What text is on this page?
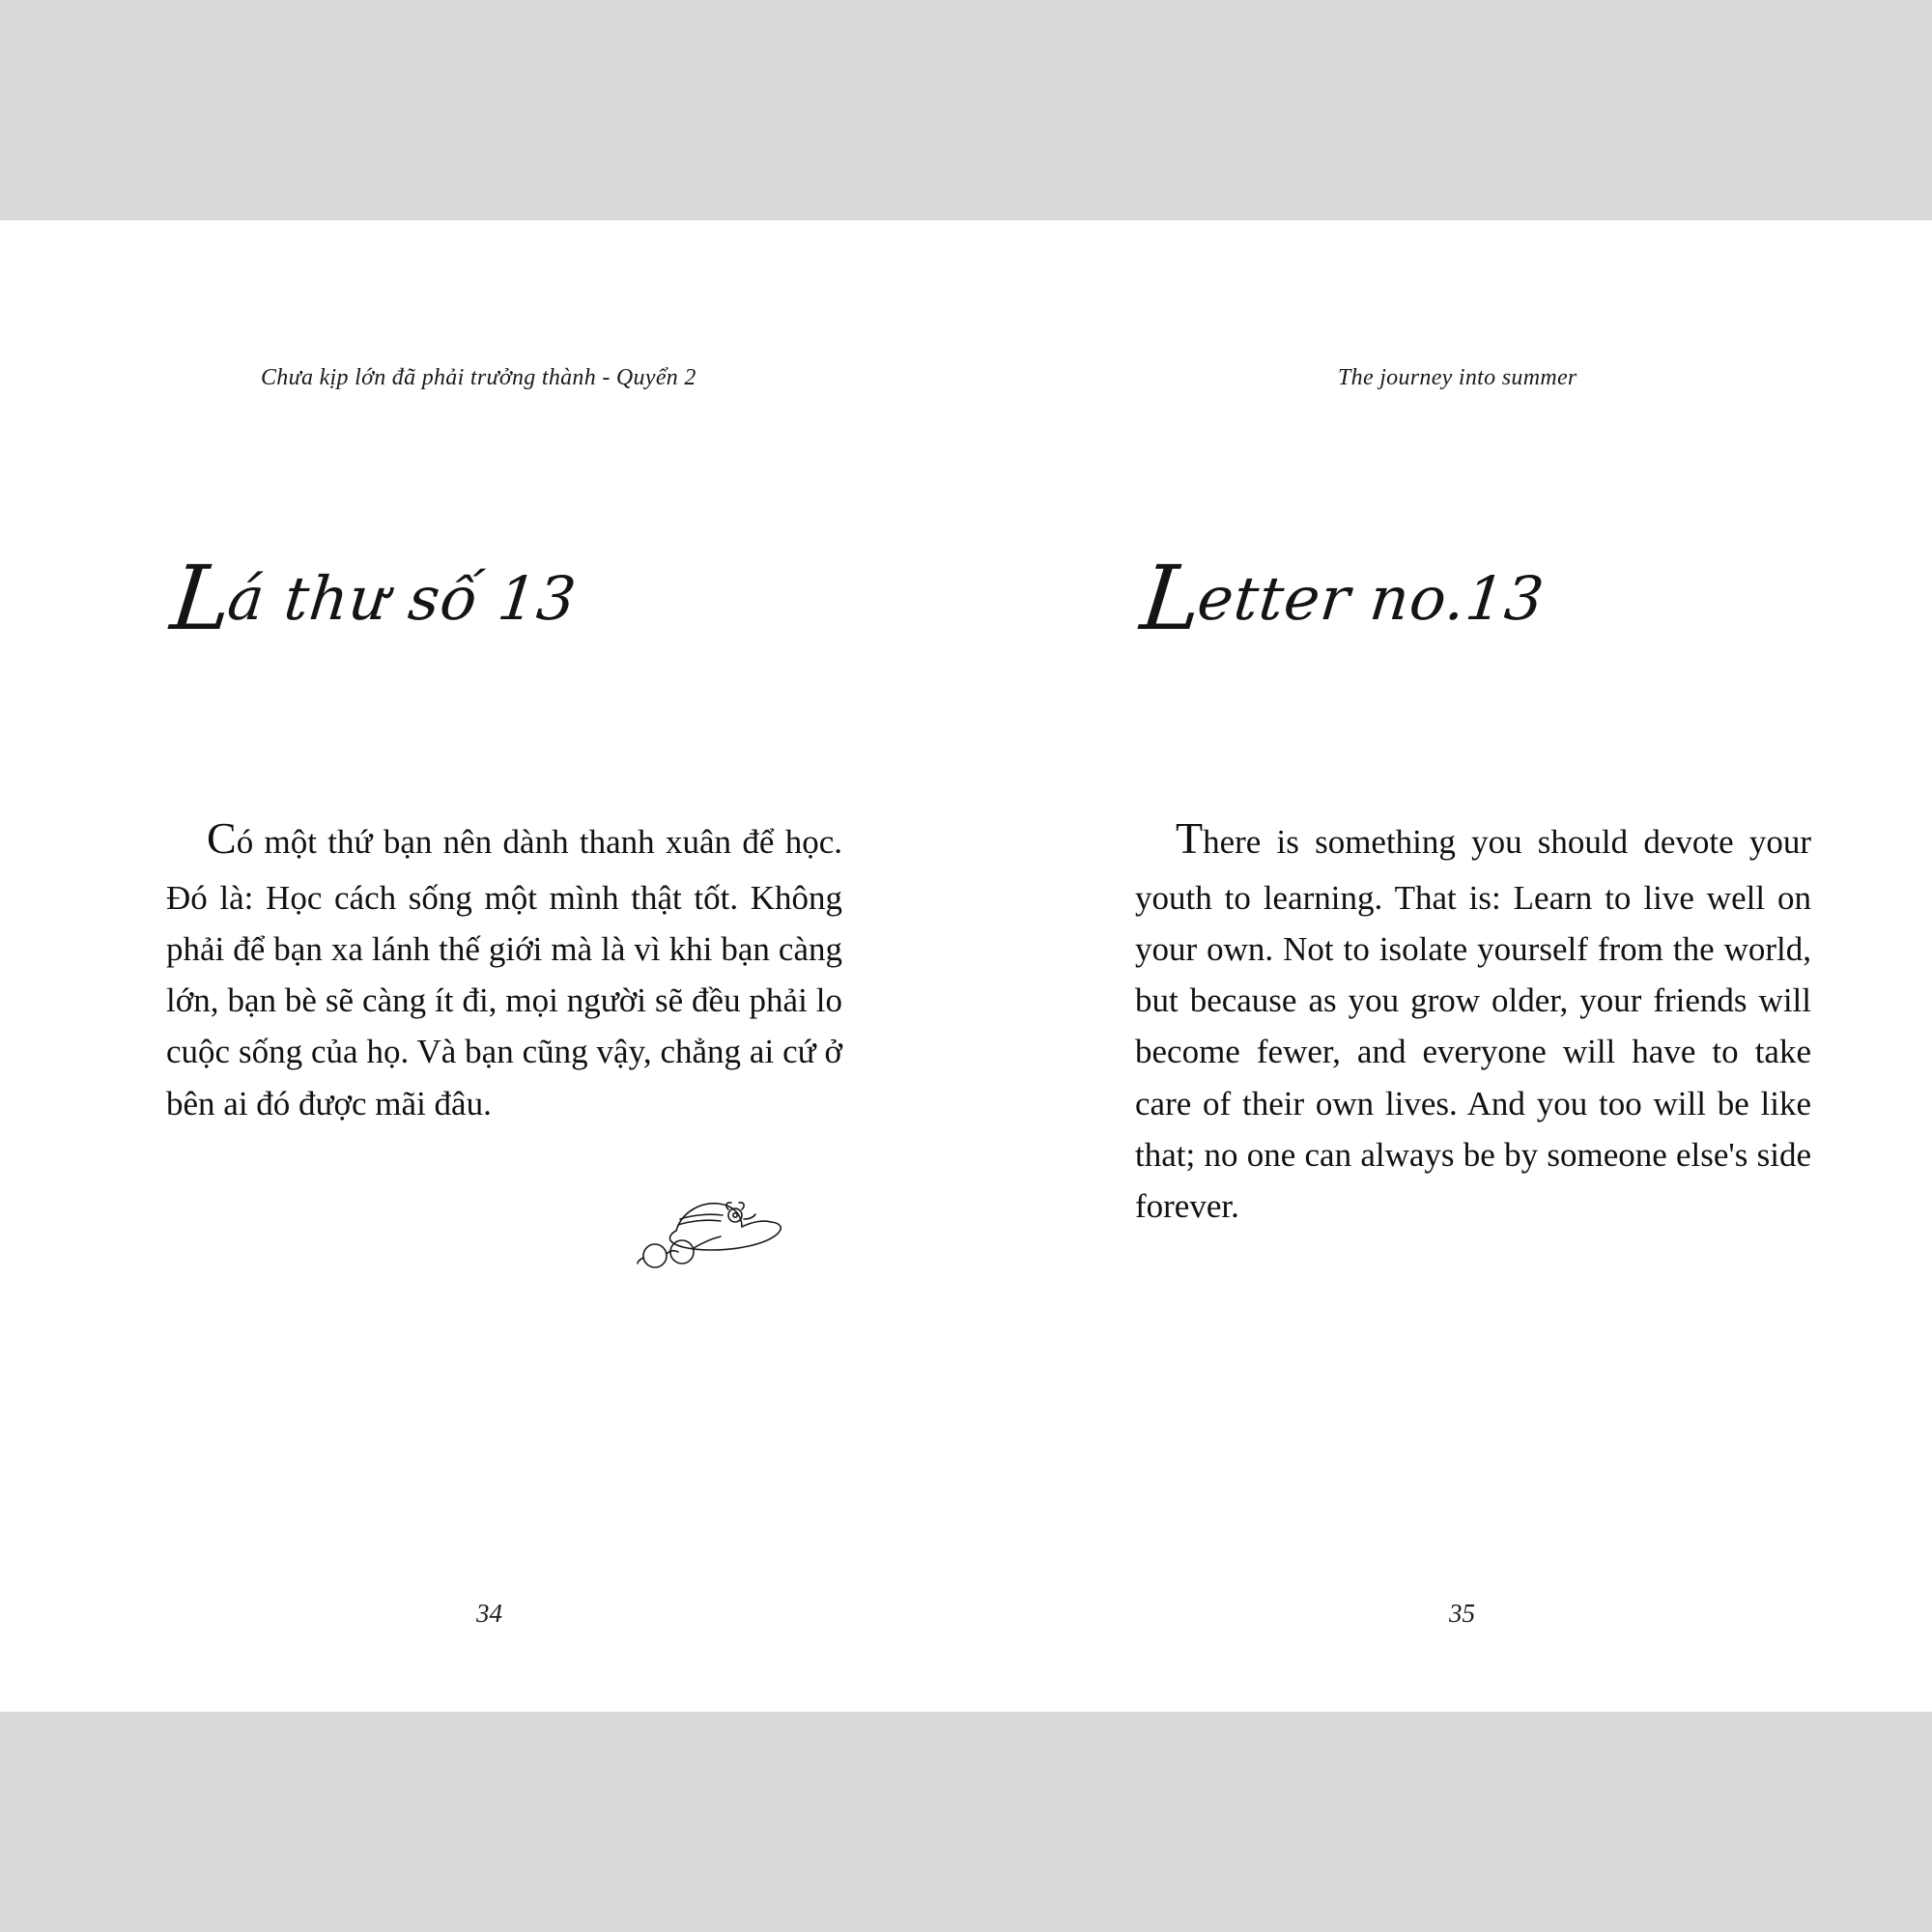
Chưa kịp lớn đã phải trưởng thành - Quyển 2
Lá thư số 13

Có một thứ bạn nên dành thanh xuân để học. Đó là: Học cách sống một mình thật tốt. Không phải để bạn xa lánh thế giới mà là vì khi bạn càng lớn, bạn bè sẽ càng ít đi, mọi người sẽ đều phải lo cuộc sống của họ. Và bạn cũng vậy, chẳng ai cứ ở bên ai đó được mãi đâu.

34
The journey into summer
Letter no.13

There is something you should devote your youth to learning. That is: Learn to live well on your own. Not to isolate yourself from the world, but because as you grow older, your friends will become fewer, and everyone will have to take care of their own lives. And you too will be like that; no one can always be by someone else's side forever.

35
